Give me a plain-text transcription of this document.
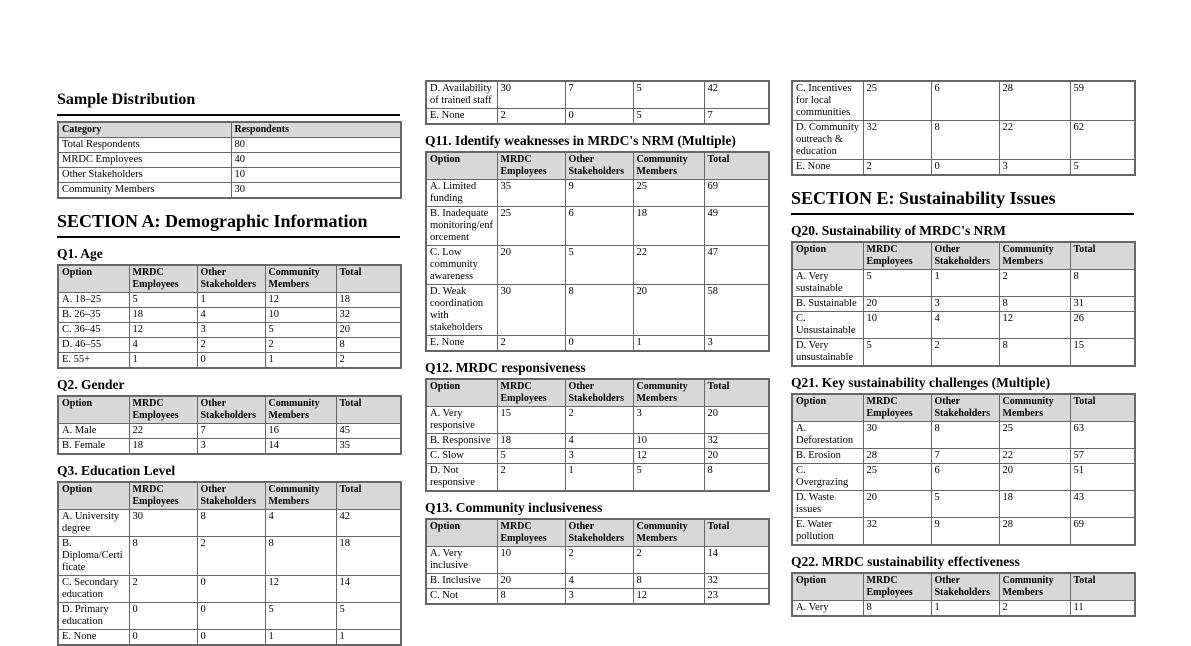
Sample Distribution
Category	Respondents
Total Respondents	80
MRDC Employees	40
Other Stakeholders	10
Community Members	30
SECTION A: Demographic Information
Q1. Age
Option	MRDC Employees	Other Stakeholders	Community Members	Total
A. 18–25	5	1	12	18
B. 26–35	18	4	10	32
C. 36–45	12	3	5	20
D. 46–55	4	2	2	8
E. 55+	1	0	1	2
Q2. Gender
Option	MRDC Employees	Other Stakeholders	Community Members	Total
A. Male	22	7	16	45
B. Female	18	3	14	35
Q3. Education Level
Option	MRDC Employees	Other Stakeholders	Community Members	Total
A. University degree	30	8	4	42
B. Diploma/Certificate	8	2	8	18
C. Secondary education	2	0	12	14
D. Primary education	0	0	5	5
E. None	0	0	1	1
D. Availability of trained staff	30	7	5	42
E. None	2	0	5	7
Q11. Identify weaknesses in MRDC's NRM (Multiple)
Option	MRDC Employees	Other Stakeholders	Community Members	Total
A. Limited funding	35	9	25	69
B. Inadequate monitoring/enforcement	25	6	18	49
C. Low community awareness	20	5	22	47
D. Weak coordination with stakeholders	30	8	20	58
E. None	2	0	1	3
Q12. MRDC responsiveness
Option	MRDC Employees	Other Stakeholders	Community Members	Total
A. Very responsive	15	2	3	20
B. Responsive	18	4	10	32
C. Slow	5	3	12	20
D. Not responsive	2	1	5	8
Q13. Community inclusiveness
Option	MRDC Employees	Other Stakeholders	Community Members	Total
A. Very inclusive	10	2	2	14
B. Inclusive	20	4	8	32
C. Not	8	3	12	23
C. Incentives for local communities	25	6	28	59
D. Community outreach & education	32	8	22	62
E. None	2	0	3	5
SECTION E: Sustainability Issues
Q20. Sustainability of MRDC's NRM
Option	MRDC Employees	Other Stakeholders	Community Members	Total
A. Very sustainable	5	1	2	8
B. Sustainable	20	3	8	31
C. Unsustainable	10	4	12	26
D. Very unsustainable	5	2	8	15
Q21. Key sustainability challenges (Multiple)
Option	MRDC Employees	Other Stakeholders	Community Members	Total
A. Deforestation	30	8	25	63
B. Erosion	28	7	22	57
C. Overgrazing	25	6	20	51
D. Waste issues	20	5	18	43
E. Water pollution	32	9	28	69
Q22. MRDC sustainability effectiveness
Option	MRDC Employees	Other Stakeholders	Community Members	Total
A. Very	8	1	2	11
